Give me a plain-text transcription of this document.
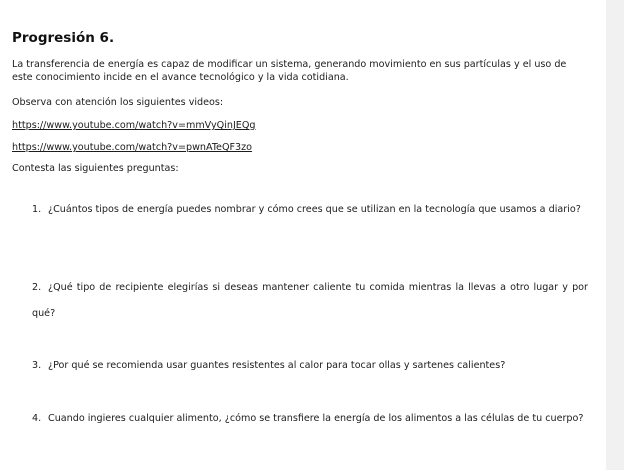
Progresión 6.
La transferencia de energía es capaz de modificar un sistema, generando movimiento en sus partículas y el uso de este conocimiento incide en el avance tecnológico y la vida cotidiana.
Observa con atención los siguientes videos:
https://www.youtube.com/watch?v=mmVyQinJEQg
https://www.youtube.com/watch?v=pwnATeQF3zo
Contesta las siguientes preguntas:
1. ¿Cuántos tipos de energía puedes nombrar y cómo crees que se utilizan en la tecnología que usamos a diario?
2. ¿Qué tipo de recipiente elegirías si deseas mantener caliente tu comida mientras la llevas a otro lugar y por qué?
3. ¿Por qué se recomienda usar guantes resistentes al calor para tocar ollas y sartenes calientes?
4. Cuando ingieres cualquier alimento, ¿cómo se transfiere la energía de los alimentos a las células de tu cuerpo?
